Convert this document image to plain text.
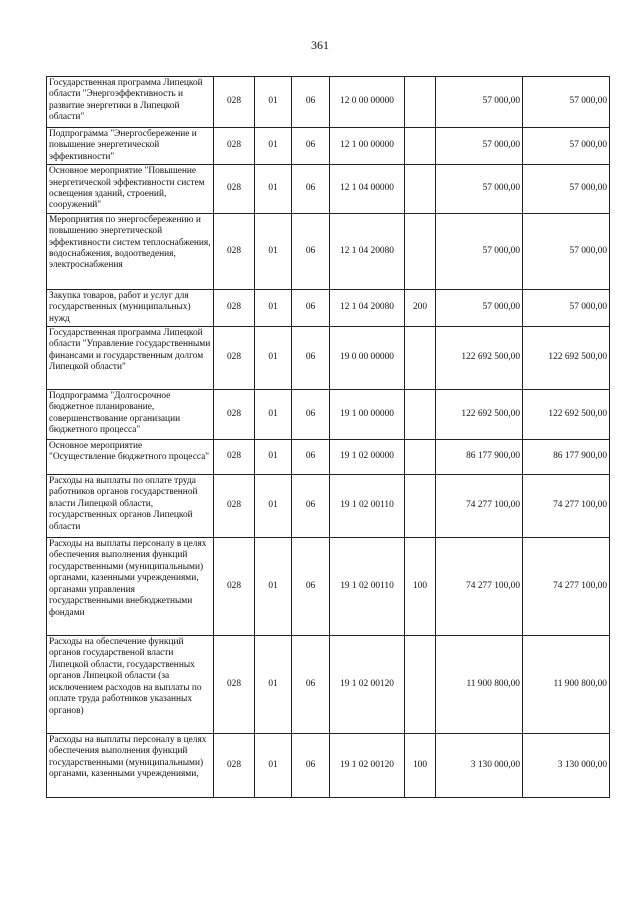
361
Государственная программа Липецкой области "Энергоэффективность и развитие энергетики в Липецкой области"	028	01	06	12 0 00 00000		57 000,00	57 000,00
Подпрограмма "Энергосбережение и повышение энергетической эффективности"	028	01	06	12 1 00 00000		57 000,00	57 000,00
Основное мероприятие "Повышение энергетической эффективности систем освещения зданий, строений, сооружений"	028	01	06	12 1 04 00000		57 000,00	57 000,00
Мероприятия по энергосбережению и повышению энергетической эффективности систем теплоснабжения, водоснабжения, водоотведения, электроснабжения	028	01	06	12 1 04 20080		57 000,00	57 000,00
Закупка товаров, работ и услуг для государственных (муниципальных) нужд	028	01	06	12 1 04 20080	200	57 000,00	57 000,00
Государственная программа Липецкой области "Управление государственными финансами и государственным долгом Липецкой области"	028	01	06	19 0 00 00000		122 692 500,00	122 692 500,00
Подпрограмма "Долгосрочное бюджетное планирование, совершенствование организации бюджетного процесса"	028	01	06	19 1 00 00000		122 692 500,00	122 692 500,00
Основное мероприятие "Осуществление бюджетного процесса"	028	01	06	19 1 02 00000		86 177 900,00	86 177 900,00
Расходы на выплаты по оплате труда работников органов государственной власти Липецкой области, государственных органов Липецкой области	028	01	06	19 1 02 00110		74 277 100,00	74 277 100,00
Расходы на выплаты персоналу в целях обеспечения выполнения функций государственными (муниципальными) органами, казенными учреждениями, органами управления государственными внебюджетными фондами	028	01	06	19 1 02 00110	100	74 277 100,00	74 277 100,00
Расходы на обеспечение функций органов государственой власти Липецкой области, государственных органов Липецкой области (за исключением расходов на выплаты по оплате труда работников указанных органов)	028	01	06	19 1 02 00120		11 900 800,00	11 900 800,00
Расходы на выплаты персоналу в целях обеспечения выполнения функций государственными (муниципальными) органами, казенными учреждениями,	028	01	06	19 1 02 00120	100	3 130 000,00	3 130 000,00
